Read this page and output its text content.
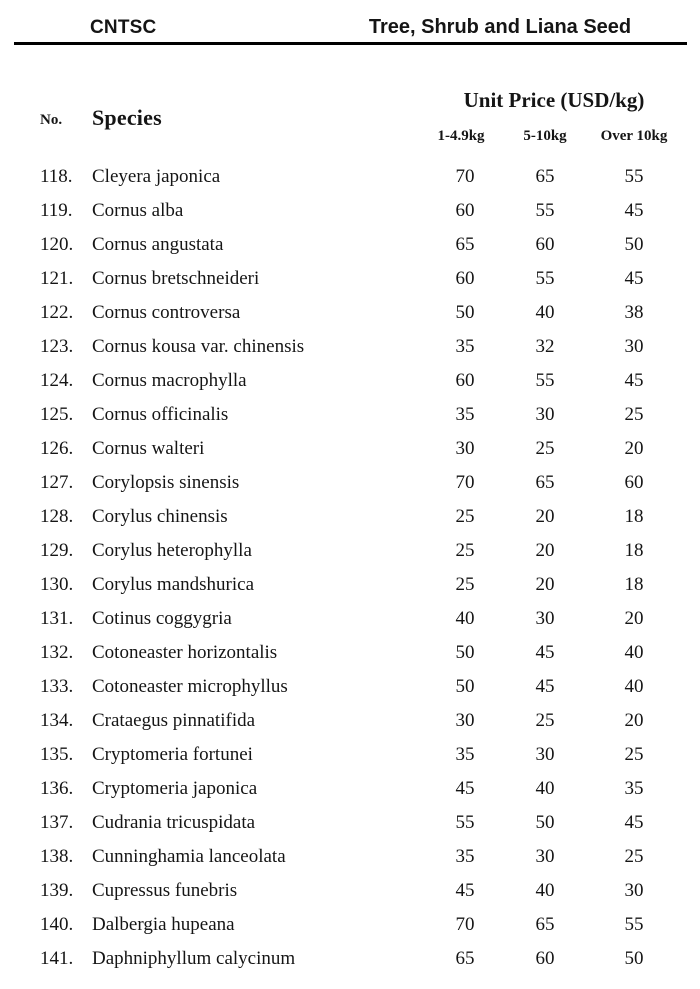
CNTSC	Tree, Shrub and Liana Seed
No. Species
Unit Price (USD/kg)
1-4.9kg	5-10kg	Over 10kg
118.	Cleyera japonica	70	65	55
119.	Cornus alba	60	55	45
120. Cornus angustata	65	60	50
121. Cornus bretschneideri	60	55	45
122. Cornus controversa	50	40	38
123. Cornus kousa var. chinensis	35	32	30
124. Cornus macrophylla	60	55	45
125. Cornus officinalis	35	30	25
126. Cornus walteri	30	25	20
127. Corylopsis sinensis	70	65	60
128. Corylus chinensis	25	20	18
129. Corylus heterophylla	25	20	18
130. Corylus mandshurica	25	20	18
131. Cotinus coggygria	40	30	20
132. Cotoneaster horizontalis	50	45	40
133. Cotoneaster microphyllus	50	45	40
134. Crataegus pinnatifida	30	25	20
135. Cryptomeria fortunei	35	30	25
136. Cryptomeria japonica	45	40	35
137. Cudrania tricuspidata	55	50	45
138. Cunninghamia lanceolata	35	30	25
139. Cupressus funebris	45	40	30
140. Dalbergia hupeana	70	65	55
141. Daphniphyllum calycinum	65	60	50
